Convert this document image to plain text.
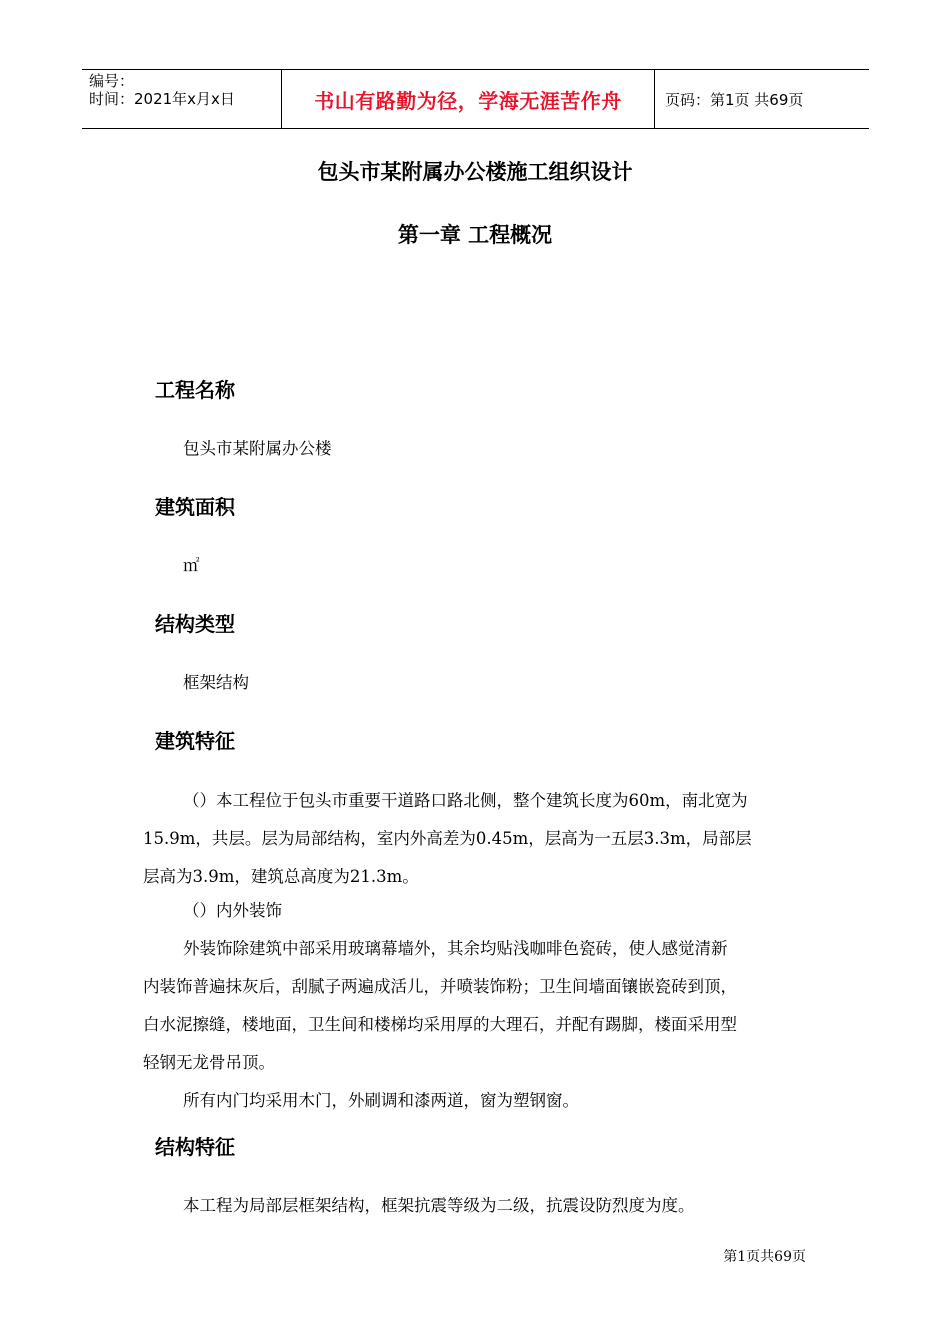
编号：
时间：2021年x月x日	书山有路勤为径，学海无涯苦作舟	页码：第1页 共69页
包头市某附属办公楼施工组织设计
第一章 工程概况
工程名称
包头市某附属办公楼
建筑面积
㎡
结构类型
框架结构
建筑特征
（）本工程位于包头市重要干道路口路北侧，整个建筑长度为60m，南北宽为
15.9m，共层。层为局部结构，室内外高差为0.45m，层高为一五层3.3m，局部层
层高为3.9m，建筑总高度为21.3m。
（）内外装饰
外装饰除建筑中部采用玻璃幕墙外，其余均贴浅咖啡色瓷砖，使人感觉清新
内装饰普遍抹灰后，刮腻子两遍成活儿，并喷装饰粉；卫生间墙面镶嵌瓷砖到顶，
白水泥擦缝，楼地面，卫生间和楼梯均采用厚的大理石，并配有踢脚，楼面采用型
轻钢无龙骨吊顶。
所有内门均采用木门，外刷调和漆两道，窗为塑钢窗。
结构特征
本工程为局部层框架结构，框架抗震等级为二级，抗震设防烈度为度。
第1页共69页
